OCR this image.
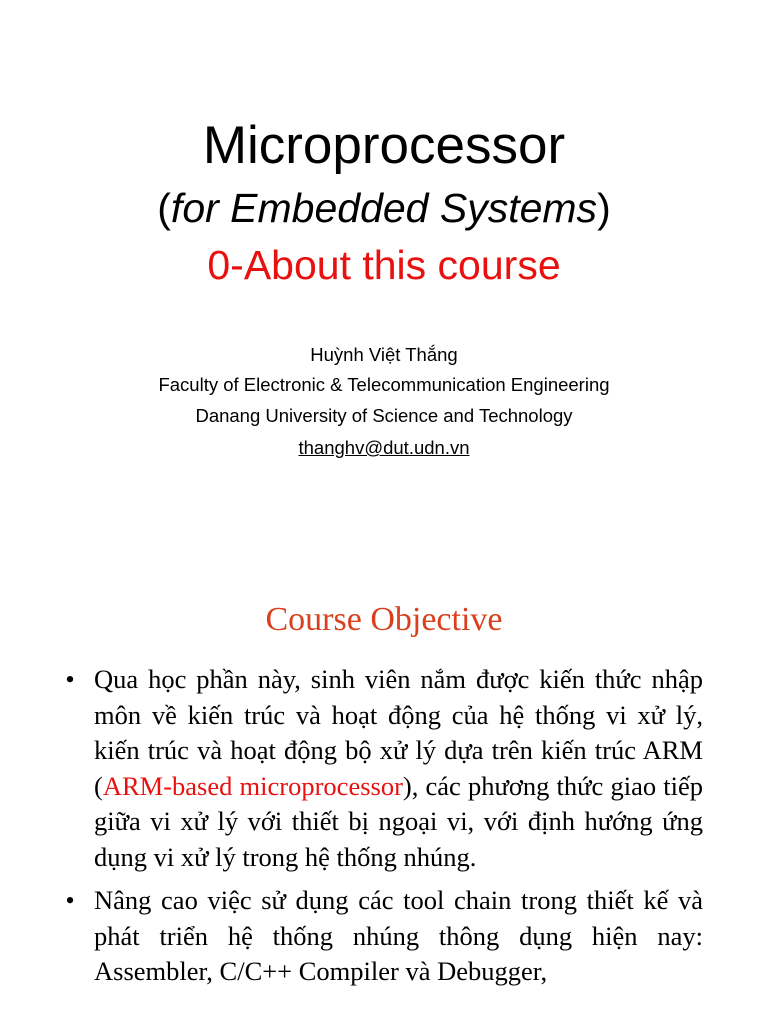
Microprocessor
(for Embedded Systems)
0-About this course
Huỳnh Việt Thắng
Faculty of Electronic & Telecommunication Engineering
Danang University of Science and Technology
thanghv@dut.udn.vn
Course Objective
• Qua học phần này, sinh viên nắm được kiến thức nhập môn về kiến trúc và hoạt động của hệ thống vi xử lý, kiến trúc và hoạt động bộ xử lý dựa trên kiến trúc ARM (ARM-based microprocessor), các phương thức giao tiếp giữa vi xử lý với thiết bị ngoại vi, với định hướng ứng dụng vi xử lý trong hệ thống nhúng.
• Nâng cao việc sử dụng các tool chain trong thiết kế và phát triển hệ thống nhúng thông dụng hiện nay: Assembler, C/C++ Compiler và Debugger,
